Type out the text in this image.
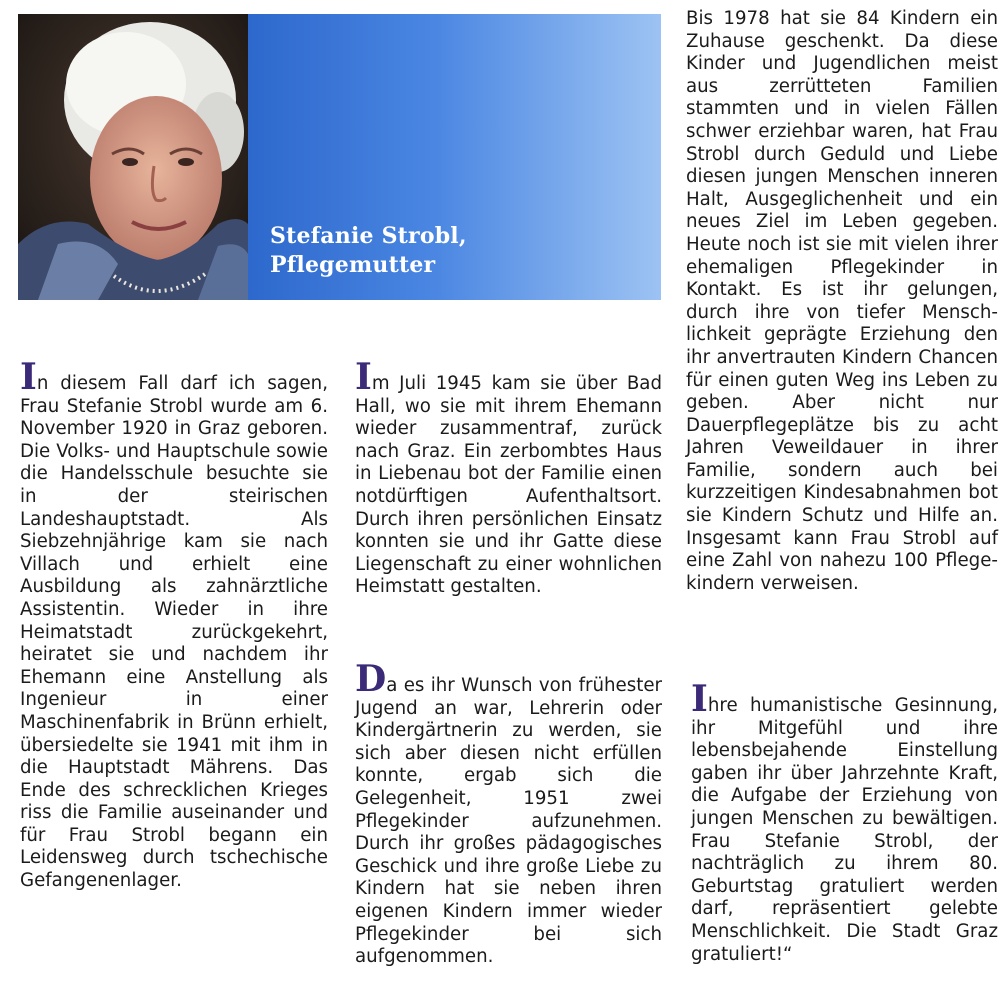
Stefanie Strobl,
Pflegemutter

In diesem Fall darf ich sagen, Frau Stefanie Strobl wurde am 6. November 1920 in Graz geboren. Die Volks- und Hauptschule sowie die Handelsschule besuchte sie in der steirischen Landeshauptstadt. Als Siebzehnjährige kam sie nach Villach und erhielt eine Ausbildung als zahnärztliche Assistentin. Wieder in ihre Heimatstadt zurückgekehrt, heiratet sie und nachdem ihr Ehemann eine Anstellung als Ingenieur in einer Maschinenfabrik in Brünn erhielt, übersiedelte sie 1941 mit ihm in die Hauptstadt Mährens. Das Ende des schrecklichen Krieges riss die Familie auseinander und für Frau Strobl begann ein Leidensweg durch tschechische Gefangenenlager.

Im Juli 1945 kam sie über Bad Hall, wo sie mit ihrem Ehemann wieder zusammentraf, zurück nach Graz. Ein zerbombtes Haus in Liebenau bot der Familie einen notdürftigen Aufenthaltsort. Durch ihren persönlichen Einsatz konnten sie und ihr Gatte diese Liegenschaft zu einer wohnlichen Heimstatt gestalten.

Da es ihr Wunsch von frühester Jugend an war, Lehrerin oder Kindergärtnerin zu werden, sie sich aber diesen nicht erfüllen konnte, ergab sich die Gelegenheit, 1951 zwei Pflegekinder aufzunehmen. Durch ihr großes pädagogisches Geschick und ihre große Liebe zu Kindern hat sie neben ihren eigenen Kindern immer wieder Pflegekinder bei sich aufgenommen.

Bis 1978 hat sie 84 Kindern ein Zuhause geschenkt. Da diese Kinder und Jugendlichen meist aus zerrütteten Familien stammten und in vielen Fällen schwer erziehbar waren, hat Frau Strobl durch Geduld und Liebe diesen jungen Menschen inneren Halt, Ausgeglichenheit und ein neues Ziel im Leben gegeben. Heute noch ist sie mit vielen ihrer ehemaligen Pflegekinder in Kontakt. Es ist ihr gelungen, durch ihre von tiefer Menschlichkeit geprägte Erziehung den ihr anvertrauten Kindern Chancen für einen guten Weg ins Leben zu geben. Aber nicht nur Dauerpflegeplätze bis zu acht Jahren Veweildauer in ihrer Familie, sondern auch bei kurzzeitigen Kindesabnahmen bot sie Kindern Schutz und Hilfe an. Insgesamt kann Frau Strobl auf eine Zahl von nahezu 100 Pflegekindern verweisen.

Ihre humanistische Gesinnung, ihr Mitgefühl und ihre lebensbejahende Einstellung gaben ihr über Jahrzehnte Kraft, die Aufgabe der Erziehung von jungen Menschen zu bewältigen. Frau Stefanie Strobl, der nachträglich zu ihrem 80. Geburtstag gratuliert werden darf, repräsentiert gelebte Menschlichkeit. Die Stadt Graz gratuliert!“
